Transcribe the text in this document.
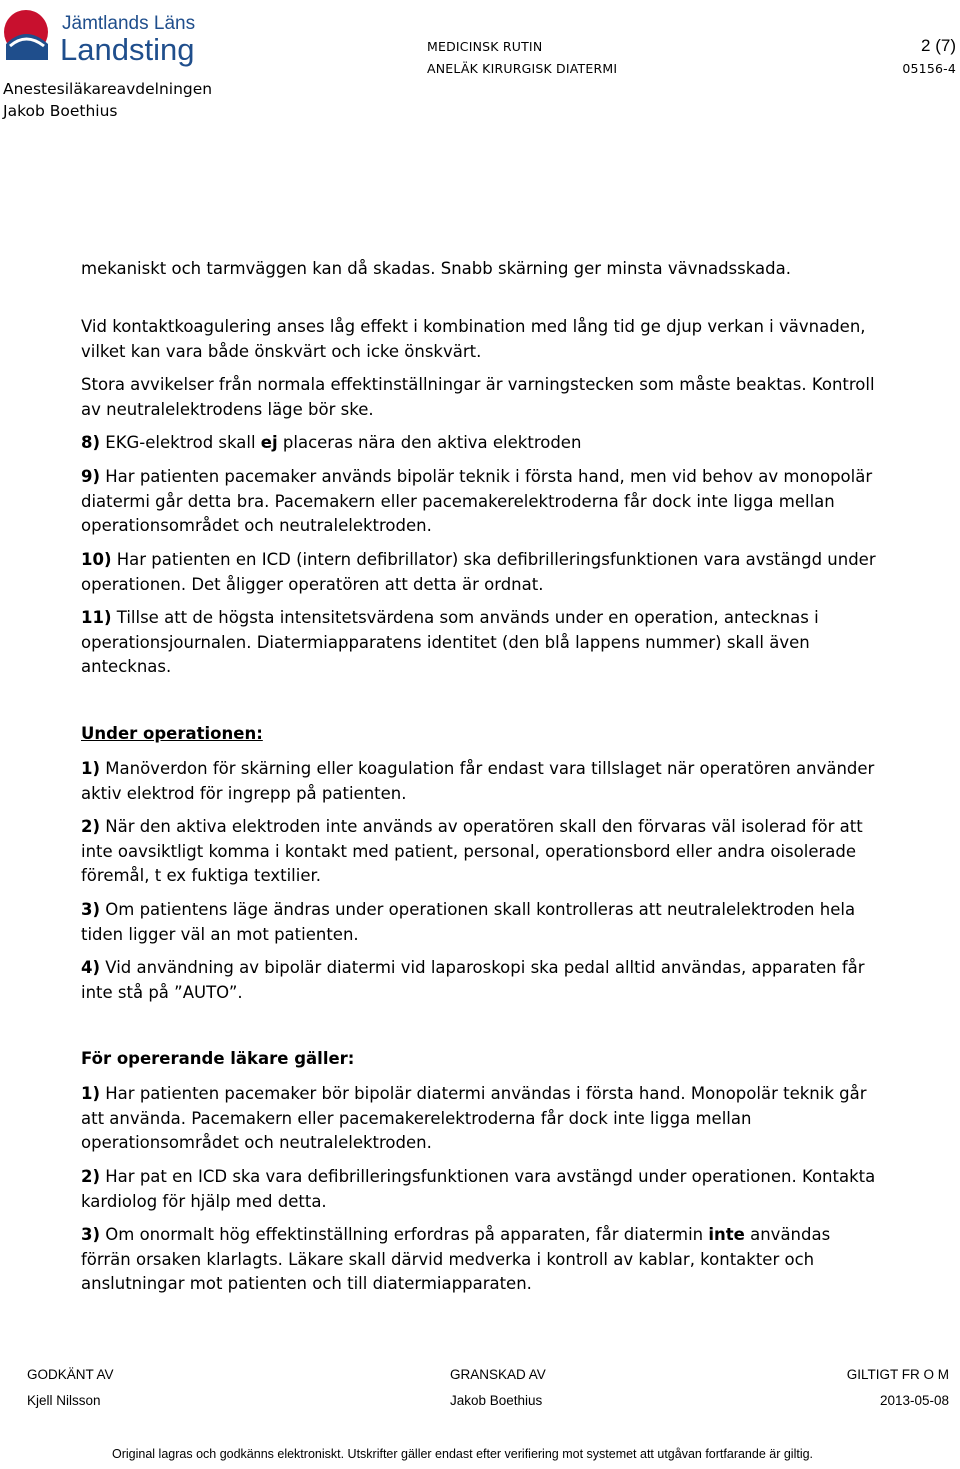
Jämtlands Läns
Landsting	MEDICINSK RUTIN
ANELÄK KIRURGISK DIATERMI
2 (7)
05156-4
Anestesiläkareavdelningen
Jakob Boethius
mekaniskt och tarmväggen kan då skadas. Snabb skärning ger minsta vävnadsskada.
Vid kontaktkoagulering anses låg effekt i kombination med lång tid ge djup verkan i vävnaden, vilket kan vara både önskvärt och icke önskvärt.
Stora avvikelser från normala effektinställningar är varningstecken som måste beaktas. Kontroll av neutralelektrodens läge bör ske.
8) EKG-elektrod skall ej placeras nära den aktiva elektroden
9) Har patienten pacemaker används bipolär teknik i första hand, men vid behov av monopolär diatermi går detta bra. Pacemakern eller pacemakerelektroderna får dock inte ligga mellan operationsområdet och neutralelektroden.
10) Har patienten en ICD (intern defibrillator) ska defibrilleringsfunktionen vara avstängd under operationen. Det åligger operatören att detta är ordnat.
11) Tillse att de högsta intensitetsvärdena som används under en operation, antecknas i operationsjournalen. Diatermiapparatens identitet (den blå lappens nummer) skall även antecknas.
Under operationen:
1) Manöverdon för skärning eller koagulation får endast vara tillslaget när operatören använder aktiv elektrod för ingrepp på patienten.
2) När den aktiva elektroden inte används av operatören skall den förvaras väl isolerad för att inte oavsiktligt komma i kontakt med patient, personal, operationsbord eller andra oisolerade föremål, t ex fuktiga textilier.
3) Om patientens läge ändras under operationen skall kontrolleras att neutralelektroden hela tiden ligger väl an mot patienten.
4) Vid användning av bipolär diatermi vid laparoskopi ska pedal alltid användas, apparaten får inte stå på ”AUTO”.
För opererande läkare gäller:
1) Har patienten pacemaker bör bipolär diatermi användas i första hand. Monopolär teknik går att använda. Pacemakern eller pacemakerelektroderna får dock inte ligga mellan operationsområdet och neutralelektroden.
2) Har pat en ICD ska vara defibrilleringsfunktionen vara avstängd under operationen. Kontakta kardiolog för hjälp med detta.
3) Om onormalt hög effektinställning erfordras på apparaten, får diatermin inte användas förrän orsaken klarlagts. Läkare skall därvid medverka i kontroll av kablar, kontakter och anslutningar mot patienten och till diatermiapparaten.
GODKÄNT AV
Kjell Nilsson
GRANSKAD AV
Jakob Boethius
GILTIGT FR O M
2013-05-08
Original lagras och godkänns elektroniskt. Utskrifter gäller endast efter verifiering mot systemet att utgåvan fortfarande är giltig.
